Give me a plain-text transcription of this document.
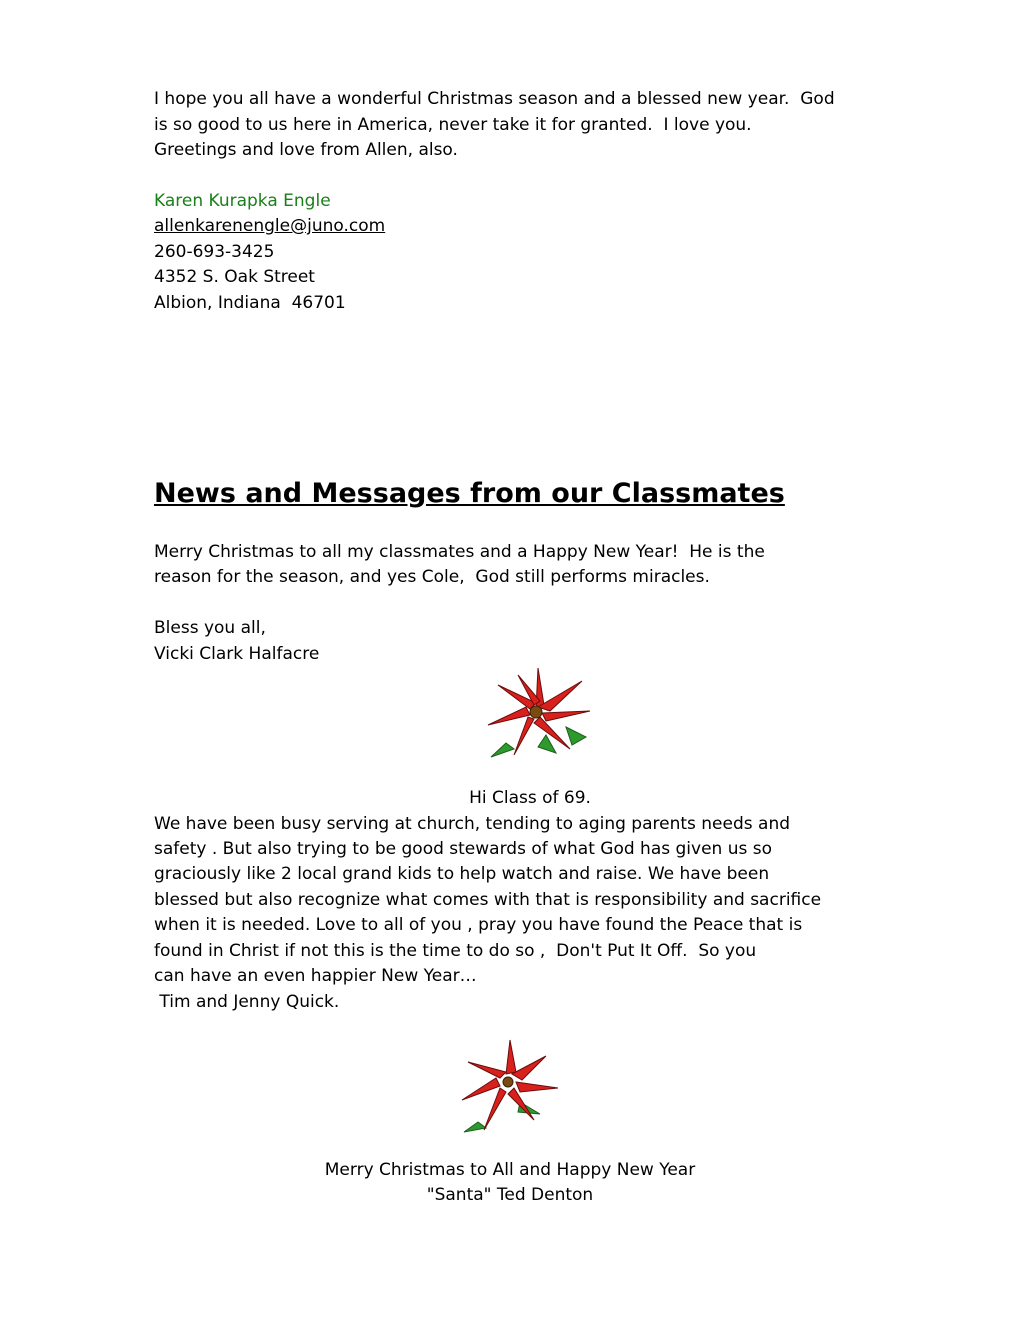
I hope you all have a wonderful Christmas season and a blessed new year.  God

is so good to us here in America, never take it for granted.  I love you.

Greetings and love from Allen, also.

Karen Kurapka Engle

allenkarenengle@juno.com

260-693-3425

4352 S. Oak Street

Albion, Indiana  46701

News and Messages from our Classmates

Merry Christmas to all my classmates and a Happy New Year!  He is the

reason for the season, and yes Cole,  God still performs miracles.

Bless you all,

Vicki Clark Halfacre

Hi Class of 69.

We have been busy serving at church, tending to aging parents needs and

safety . But also trying to be good stewards of what God has given us so

graciously like 2 local grand kids to help watch and raise. We have been

blessed but also recognize what comes with that is responsibility and sacrifice

when it is needed. Love to all of you , pray you have found the Peace that is

found in Christ if not this is the time to do so ,  Don't Put It Off.  So you

can have an even happier New Year…

Tim and Jenny Quick.

Merry Christmas to All and Happy New Year

"Santa" Ted Denton
